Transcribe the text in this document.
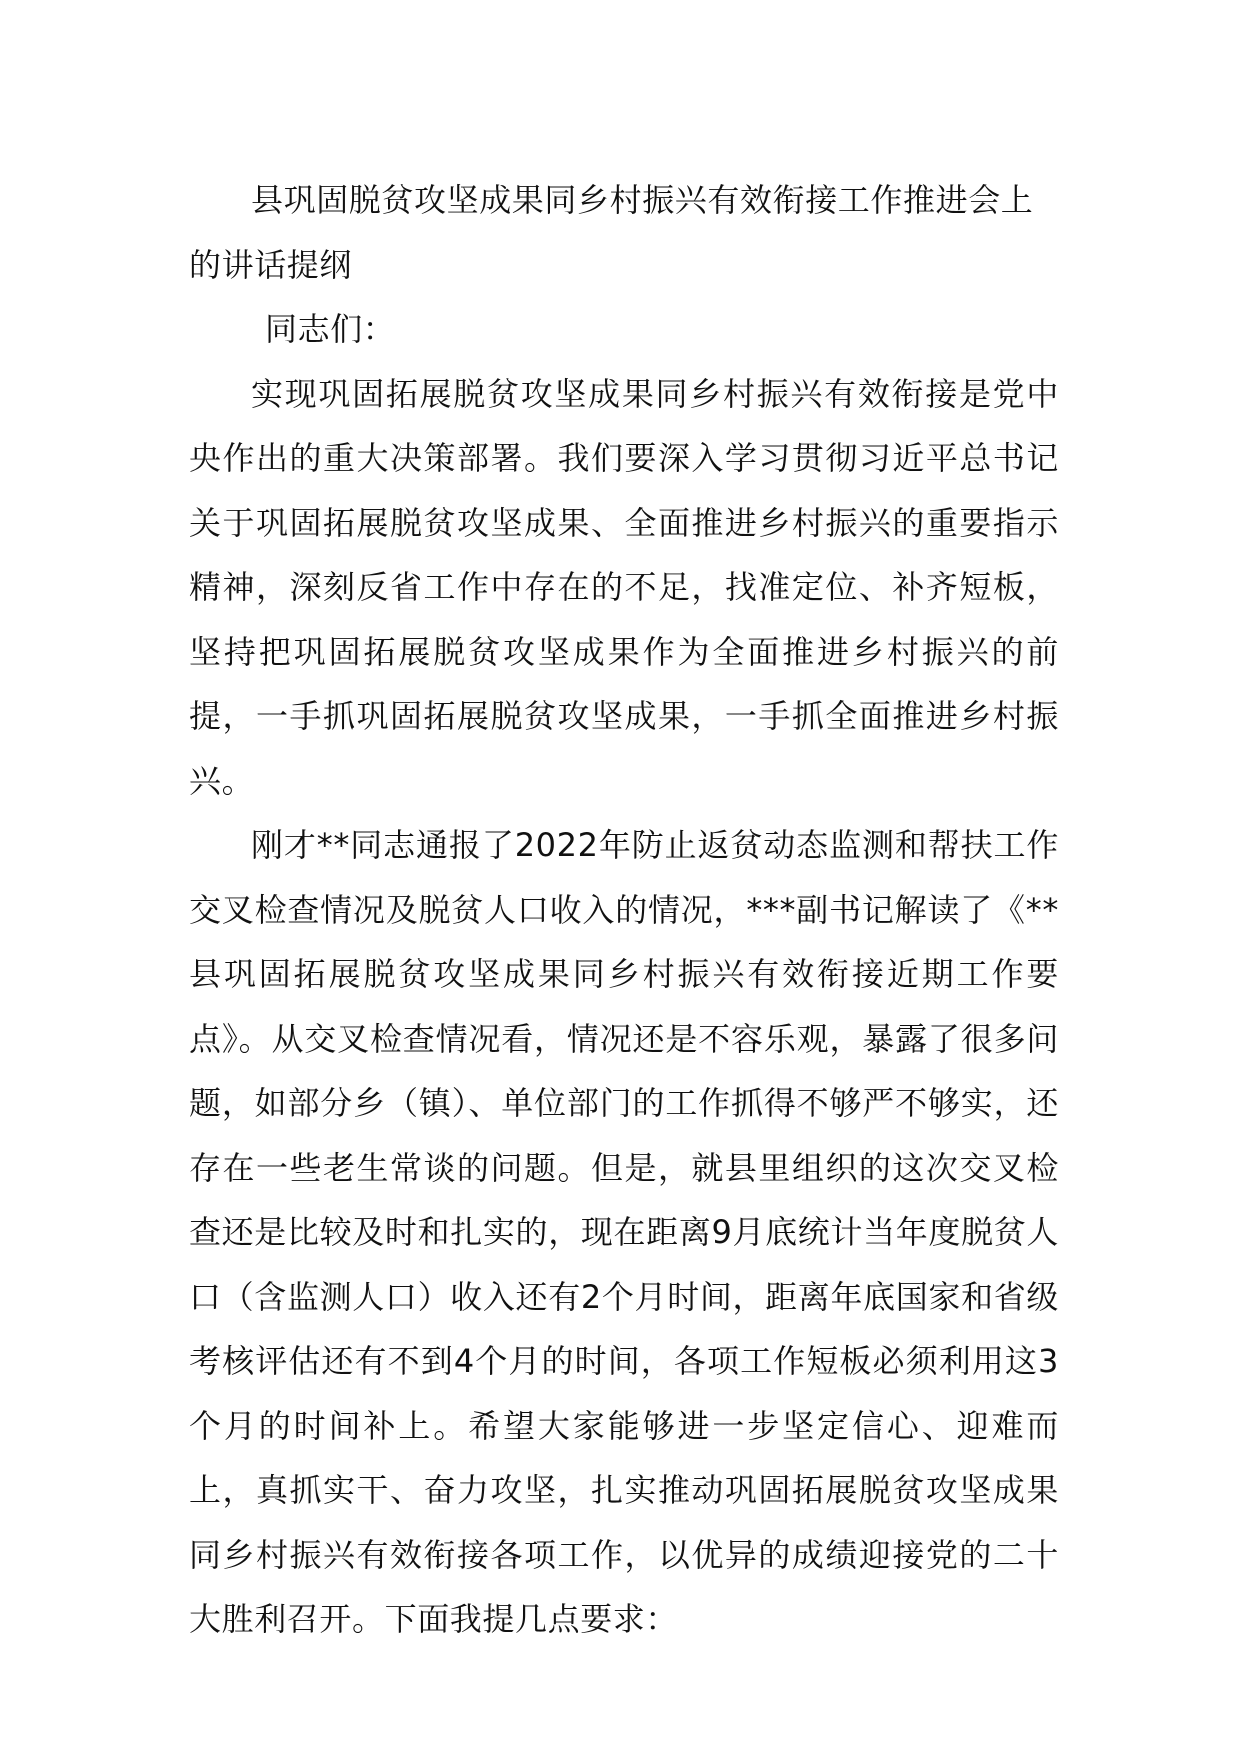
县巩固脱贫攻坚成果同乡村振兴有效衔接工作推进会上的讲话提纲

同志们：

实现巩固拓展脱贫攻坚成果同乡村振兴有效衔接是党中央作出的重大决策部署。我们要深入学习贯彻习近平总书记关于巩固拓展脱贫攻坚成果、全面推进乡村振兴的重要指示精神，深刻反省工作中存在的不足，找准定位、补齐短板，坚持把巩固拓展脱贫攻坚成果作为全面推进乡村振兴的前提，一手抓巩固拓展脱贫攻坚成果，一手抓全面推进乡村振兴。

刚才**同志通报了2022年防止返贫动态监测和帮扶工作交叉检查情况及脱贫人口收入的情况，***副书记解读了《**县巩固拓展脱贫攻坚成果同乡村振兴有效衔接近期工作要点》。从交叉检查情况看，情况还是不容乐观，暴露了很多问题，如部分乡（镇）、单位部门的工作抓得不够严不够实，还存在一些老生常谈的问题。但是，就县里组织的这次交叉检查还是比较及时和扎实的，现在距离9月底统计当年度脱贫人口（含监测人口）收入还有2个月时间，距离年底国家和省级考核评估还有不到4个月的时间，各项工作短板必须利用这3个月的时间补上。希望大家能够进一步坚定信心、迎难而上，真抓实干、奋力攻坚，扎实推动巩固拓展脱贫攻坚成果同乡村振兴有效衔接各项工作，以优异的成绩迎接党的二十大胜利召开。下面我提几点要求：
